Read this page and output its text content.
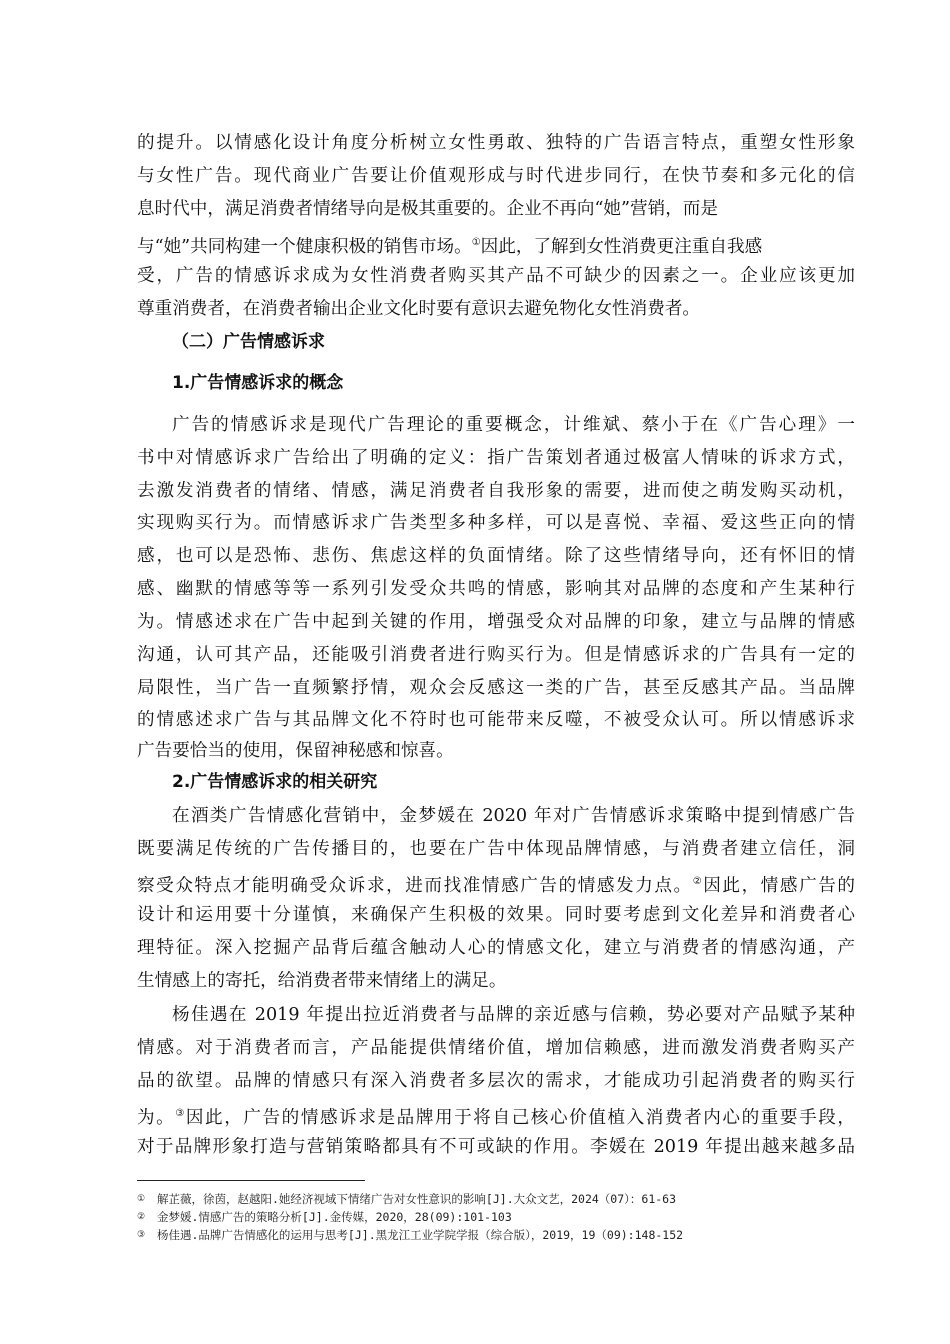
的提升。以情感化设计角度分析树立女性勇敢、独特的广告语言特点，重塑女性形象
与女性广告。现代商业广告要让价值观形成与时代进步同行，在快节奏和多元化的信
息时代中，满足消费者情绪导向是极其重要的。企业不再向“她”营销，而是
与“她”共同构建一个健康积极的销售市场。①因此，了解到女性消费更注重自我感
受，广告的情感诉求成为女性消费者购买其产品不可缺少的因素之一。企业应该更加
尊重消费者，在消费者输出企业文化时要有意识去避免物化女性消费者。
（二）广告情感诉求
1.广告情感诉求的概念
广告的情感诉求是现代广告理论的重要概念，计维斌、蔡小于在《广告心理》一
书中对情感诉求广告给出了明确的定义：指广告策划者通过极富人情味的诉求方式，
去激发消费者的情绪、情感，满足消费者自我形象的需要，进而使之萌发购买动机，
实现购买行为。而情感诉求广告类型多种多样，可以是喜悦、幸福、爱这些正向的情
感，也可以是恐怖、悲伤、焦虑这样的负面情绪。除了这些情绪导向，还有怀旧的情
感、幽默的情感等等一系列引发受众共鸣的情感，影响其对品牌的态度和产生某种行
为。情感述求在广告中起到关键的作用，增强受众对品牌的印象，建立与品牌的情感
沟通，认可其产品，还能吸引消费者进行购买行为。但是情感诉求的广告具有一定的
局限性，当广告一直频繁抒情，观众会反感这一类的广告，甚至反感其产品。当品牌
的情感述求广告与其品牌文化不符时也可能带来反噬，不被受众认可。所以情感诉求
广告要恰当的使用，保留神秘感和惊喜。
2.广告情感诉求的相关研究
在酒类广告情感化营销中，金梦媛在 2020 年对广告情感诉求策略中提到情感广告
既要满足传统的广告传播目的，也要在广告中体现品牌情感，与消费者建立信任，洞
察受众特点才能明确受众诉求，进而找准情感广告的情感发力点。②因此，情感广告的
设计和运用要十分谨慎，来确保产生积极的效果。同时要考虑到文化差异和消费者心
理特征。深入挖掘产品背后蕴含触动人心的情感文化，建立与消费者的情感沟通，产
生情感上的寄托，给消费者带来情绪上的满足。
杨佳遇在 2019 年提出拉近消费者与品牌的亲近感与信赖，势必要对产品赋予某种
情感。对于消费者而言，产品能提供情绪价值，增加信赖感，进而激发消费者购买产
品的欲望。品牌的情感只有深入消费者多层次的需求，才能成功引起消费者的购买行
为。③因此，广告的情感诉求是品牌用于将自己核心价值植入消费者内心的重要手段，
对于品牌形象打造与营销策略都具有不可或缺的作用。李媛在 2019 年提出越来越多品
① 解芷薇，徐茵，赵越阳.她经济视域下情绪广告对女性意识的影响[J].大众文艺，2024（07）：61-63
② 金梦媛.情感广告的策略分析[J].金传媒，2020，28(09):101-103
③ 杨佳遇.品牌广告情感化的运用与思考[J].黑龙江工业学院学报（综合版），2019，19（09):148-152
